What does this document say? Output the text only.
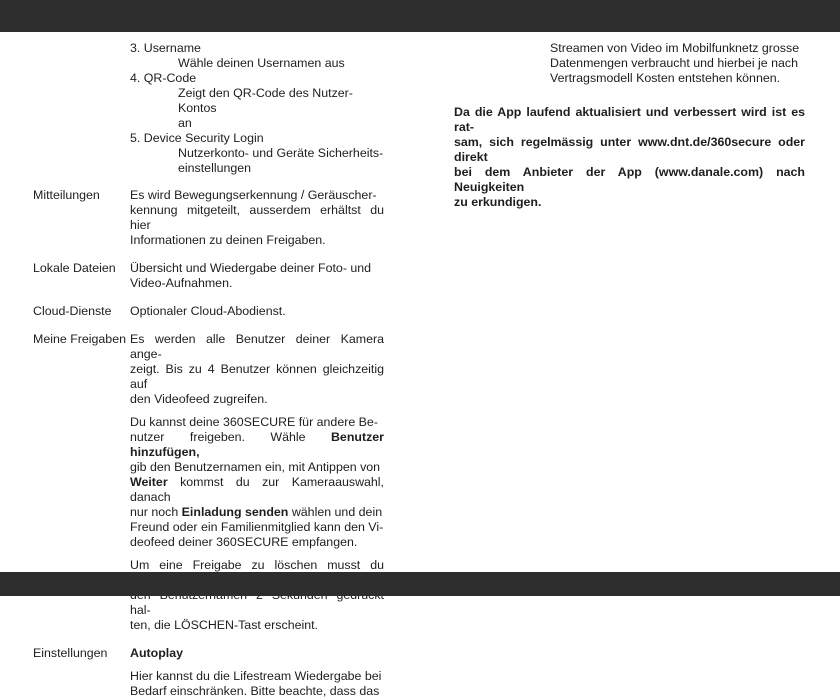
3. Username
Wähle deinen Usernamen aus
4. QR-Code
Zeigt den QR-Code des Nutzer-Kontos
an
5. Device Security Login
Nutzerkonto- und Geräte Sicherheits-
einstellungen
Mitteilungen	Es wird Bewegungserkennung / Geräuscher-
kennung mitgeteilt, ausserdem erhältst du hier
Informationen zu deinen Freigaben.
Lokale Dateien	Übersicht und Wiedergabe deiner Foto- und
Video-Aufnahmen.
Cloud-Dienste	Optionaler Cloud-Abodienst.
Meine Freigaben Es werden alle Benutzer deiner Kamera ange-
zeigt. Bis zu 4 Benutzer können gleichzeitig auf
den Videofeed zugreifen.
Du kannst deine 360SECURE für andere Be-
nutzer freigeben. Wähle Benutzer hinzufügen,
gib den Benutzernamen ein, mit Antippen von
Weiter kommst du zur Kameraauswahl, danach
nur noch Einladung senden wählen und dein
Freund oder ein Familienmitglied kann den Vi-
deofeed deiner 360SECURE empfangen.
Um eine Freigabe zu löschen musst du
hal-
ten, die LÖSCHEN-Tast erscheint.
Einstellungen	Autoplay
Hier kannst du die Lifestream Wiedergabe bei
Bedarf einschränken. Bitte beachte, dass das
Streamen von Video im Mobilfunknetz grosse
Datenmengen verbraucht und hierbei je nach
Vertragsmodell Kosten entstehen können.
Da die App laufend aktualisiert und verbessert wird ist es rat-
sam, sich regelmässig unter www.dnt.de/360secure oder direkt
bei dem Anbieter der App (www.danale.com) nach Neuigkeiten
zu erkundigen.
